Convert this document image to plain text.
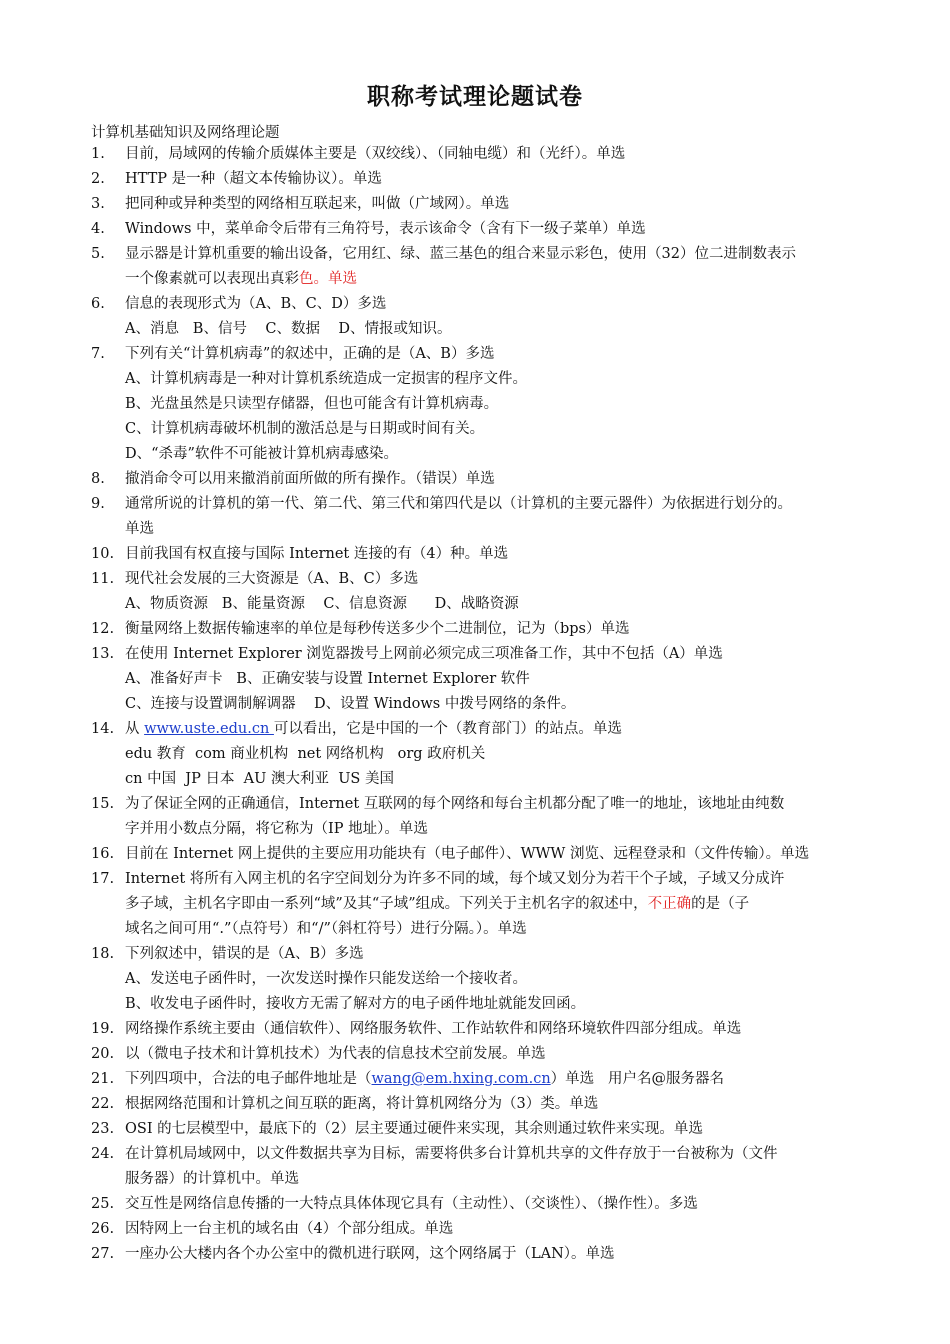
职称考试理论题试卷
计算机基础知识及网络理论题
1.	目前，局域网的传输介质媒体主要是（双绞线）、（同轴电缆）和（光纤）。单选
2.	HTTP 是一种（超文本传输协议）。单选
3.	把同种或异种类型的网络相互联起来，叫做（广域网）。单选
4.	Windows 中，菜单命令后带有三角符号，表示该命令（含有下一级子菜单）单选
5.	显示器是计算机重要的输出设备，它用红、绿、蓝三基色的组合来显示彩色，使用（32）位二进制数表示
一个像素就可以表现出真彩色。单选
6.	信息的表现形式为（A、B、C、D）多选
A、消息   B、信号    C、数据    D、情报或知识。
7.	下列有关“计算机病毒”的叙述中，正确的是（A、B）多选
A、计算机病毒是一种对计算机系统造成一定损害的程序文件。
B、光盘虽然是只读型存储器，但也可能含有计算机病毒。
C、计算机病毒破坏机制的激活总是与日期或时间有关。
D、“杀毒”软件不可能被计算机病毒感染。
8.	撤消命令可以用来撤消前面所做的所有操作。（错误）单选
9.	通常所说的计算机的第一代、第二代、第三代和第四代是以（计算机的主要元器件）为依据进行划分的。
单选
10. 目前我国有权直接与国际 Internet 连接的有（4）种。单选
11. 现代社会发展的三大资源是（A、B、C）多选
A、物质资源   B、能量资源    C、信息资源      D、战略资源
12. 衡量网络上数据传输速率的单位是每秒传送多少个二进制位，记为（bps）单选
13. 在使用 Internet Explorer 浏览器拨号上网前必须完成三项准备工作，其中不包括（A）单选
A、准备好声卡   B、正确安装与设置 Internet Explorer 软件
C、连接与设置调制解调器    D、设置 Windows 中拨号网络的条件。
14. 从 www.uste.edu.cn 可以看出，它是中国的一个（教育部门）的站点。单选
edu 教育  com 商业机构  net 网络机构   org 政府机关
cn 中国  JP 日本  AU 澳大利亚  US 美国
15. 为了保证全网的正确通信，Internet 互联网的每个网络和每台主机都分配了唯一的地址，该地址由纯数
字并用小数点分隔，将它称为（IP 地址）。单选
16. 目前在 Internet 网上提供的主要应用功能块有（电子邮件）、WWW 浏览、远程登录和（文件传输）。单选
17. Internet 将所有入网主机的名字空间划分为许多不同的域，每个域又划分为若干个子域，子域又分成许
多子域，主机名字即由一系列“域”及其“子域”组成。下列关于主机名字的叙述中，不正确的是（子
域名之间可用“.”（点符号）和“/”（斜杠符号）进行分隔。）。单选
18. 下列叙述中，错误的是（A、B）多选
A、发送电子函件时，一次发送时操作只能发送给一个接收者。
B、收发电子函件时，接收方无需了解对方的电子函件地址就能发回函。
19. 网络操作系统主要由（通信软件）、网络服务软件、工作站软件和网络环境软件四部分组成。单选
20. 以（微电子技术和计算机技术）为代表的信息技术空前发展。单选
21. 下列四项中，合法的电子邮件地址是（wang@em.hxing.com.cn）单选   用户名@服务器名
22. 根据网络范围和计算机之间互联的距离，将计算机网络分为（3）类。单选
23. OSI 的七层模型中，最底下的（2）层主要通过硬件来实现，其余则通过软件来实现。单选
24. 在计算机局域网中，以文件数据共享为目标，需要将供多台计算机共享的文件存放于一台被称为（文件
服务器）的计算机中。单选
25. 交互性是网络信息传播的一大特点具体体现它具有（主动性）、（交谈性）、（操作性）。多选
26. 因特网上一台主机的域名由（4）个部分组成。单选
27. 一座办公大楼内各个办公室中的微机进行联网，这个网络属于（LAN）。单选
